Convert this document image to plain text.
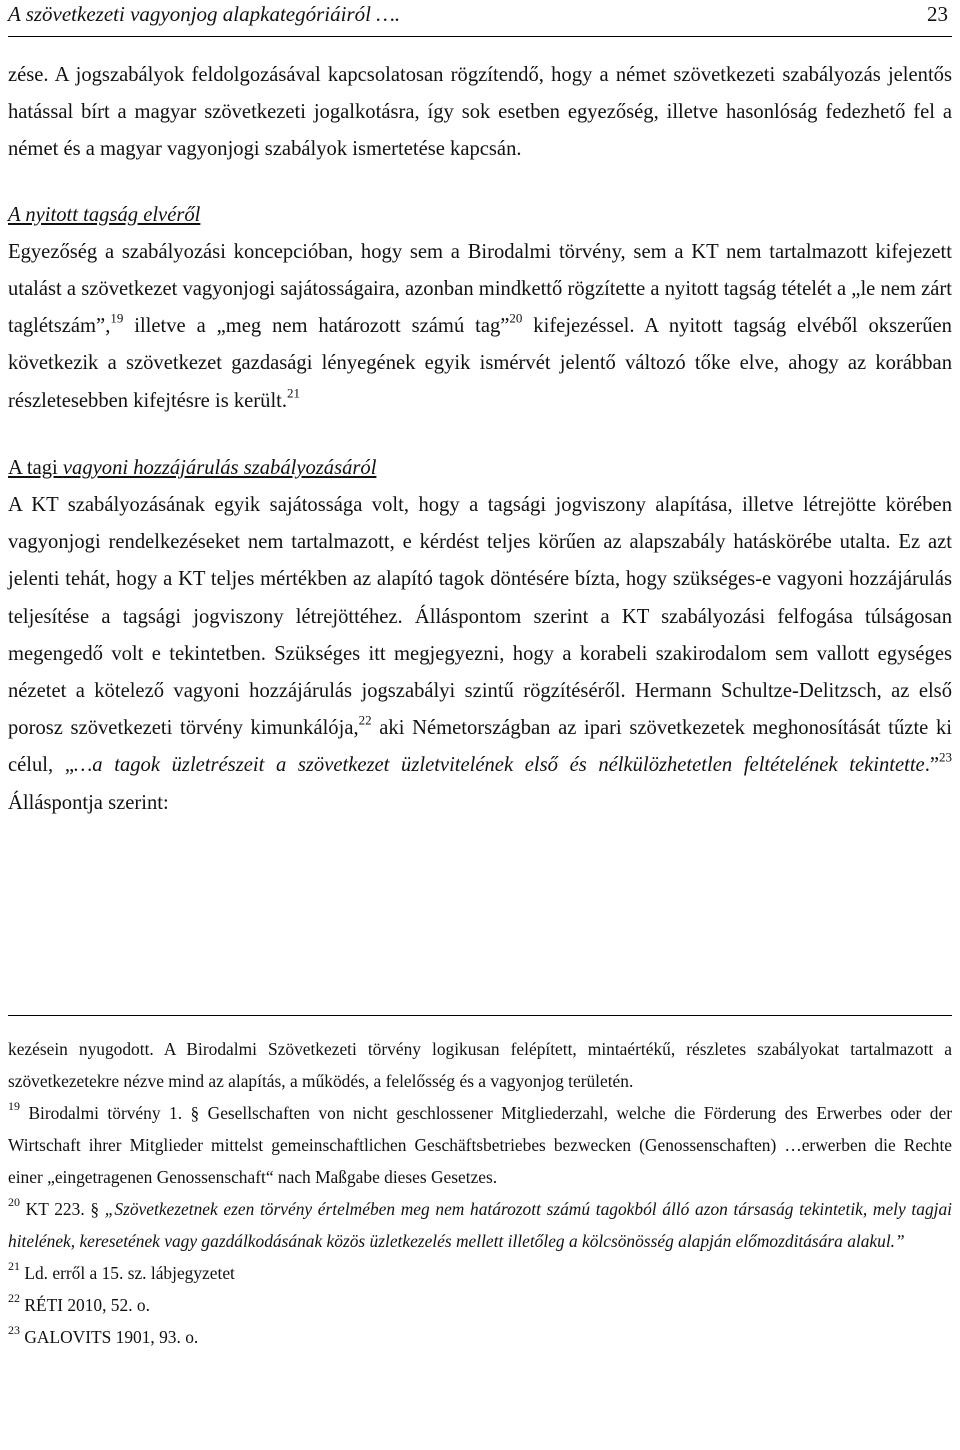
A szövetkezeti vagyonjog alapkategóriáiról ….	23

zése. A jogszabályok feldolgozásával kapcsolatosan rögzítendő, hogy a német szövetkezeti szabályozás jelentős hatással bírt a magyar szövetkezeti jogalkotásra, így sok esetben egyezőség, illetve hasonlóság fedezhető fel a német és a magyar vagyonjogi szabályok ismertetése kapcsán.

A nyitott tagság elvéről

Egyezőség a szabályozási koncepcióban, hogy sem a Birodalmi törvény, sem a KT nem tartalmazott kifejezett utalást a szövetkezet vagyonjogi sajátosságaira, azonban mindkettő rögzítette a nyitott tagság tételét a „le nem zárt taglétszám”,$^{19}$ illetve a „meg nem határozott számú tag”$^{20}$ kifejezéssel. A nyitott tagság elvéből okszerűen következik a szövetkezet gazdasági lényegének egyik ismérvét jelentő változó tőke elve, ahogy az korábban részletesebben kifejtésre is került.$^{21}$

A tagi vagyoni hozzájárulás szabályozásáról

A KT szabályozásának egyik sajátossága volt, hogy a tagsági jogviszony alapítása, illetve létrejötte körében vagyonjogi rendelkezéseket nem tartalmazott, e kérdést teljes körűen az alapszabály hatáskörébe utalta. Ez azt jelenti tehát, hogy a KT teljes mértékben az alapító tagok döntésére bízta, hogy szükséges-e vagyoni hozzájárulás teljesítése a tagsági jogviszony létrejöttéhez. Álláspontom szerint a KT szabályozási felfogása túlságosan megengedő volt e tekintetben. Szükséges itt megjegyezni, hogy a korabeli szakirodalom sem vallott egységes nézetet a kötelező vagyoni hozzájárulás jogszabályi szintű rögzítéséről. Hermann Schultze-Delitzsch, az első porosz szövetkezeti törvény kimunkálója,$^{22}$ aki Németországban az ipari szövetkezetek meghonosítását tűzte ki célul, „…a tagok üzletrészeit a szövetkezet üzletvitelének első és nélkülözhetetlen feltételének tekintette.”$^{23}$ Álláspontja szerint:

kezésein nyugodott. A Birodalmi Szövetkezeti törvény logikusan felépített, mintaértékű, részletes szabályokat tartalmazott a szövetkezetekre nézve mind az alapítás, a működés, a felelősség és a vagyonjog területén.

$^{19}$ Birodalmi törvény 1. § Gesellschaften von nicht geschlossener Mitgliederzahl, welche die Förderung des Erwerbes oder der Wirtschaft ihrer Mitglieder mittelst gemeinschaftlichen Geschäftsbetriebes bezwecken (Genossenschaften) …erwerben die Rechte einer „eingetragenen Genossenschaft“ nach Maßgabe dieses Gesetzes.

$^{20}$ KT 223. § „Szövetkezetnek ezen törvény értelmében meg nem határozott számú tagokból álló azon társaság tekintetik, mely tagjai hitelének, keresetének vagy gazdálkodásának közös üzletkezelés mellett illetőleg a kölcsönösség alapján előmozditására alakul.”

$^{21}$ Ld. erről a 15. sz. lábjegyzetet

$^{22}$ RÉTI 2010, 52. o.

$^{23}$ GALOVITS 1901, 93. o.
